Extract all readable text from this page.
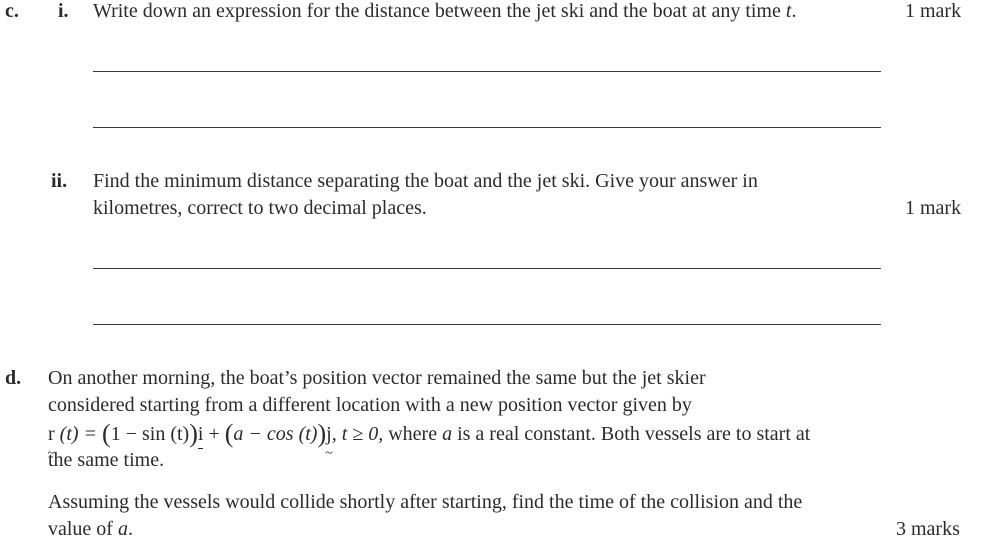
c. i. Write down an expression for the distance between the jet ski and the boat at any time t.	1 mark
ii. Find the minimum distance separating the boat and the jet ski. Give your answer in
kilometres, correct to two decimal places.	1 mark
d. On another morning, the boat’s position vector remained the same but the jet skier
considered starting from a different location with a new position vector given by
r ~ (t) = (1 − sin (t))i + (a − cos (t))j ~, t ≥ 0, where a is a real constant. Both vessels are to start at
the same time.
Assuming the vessels would collide shortly after starting, find the time of the collision and the
value of a.	3 marks
